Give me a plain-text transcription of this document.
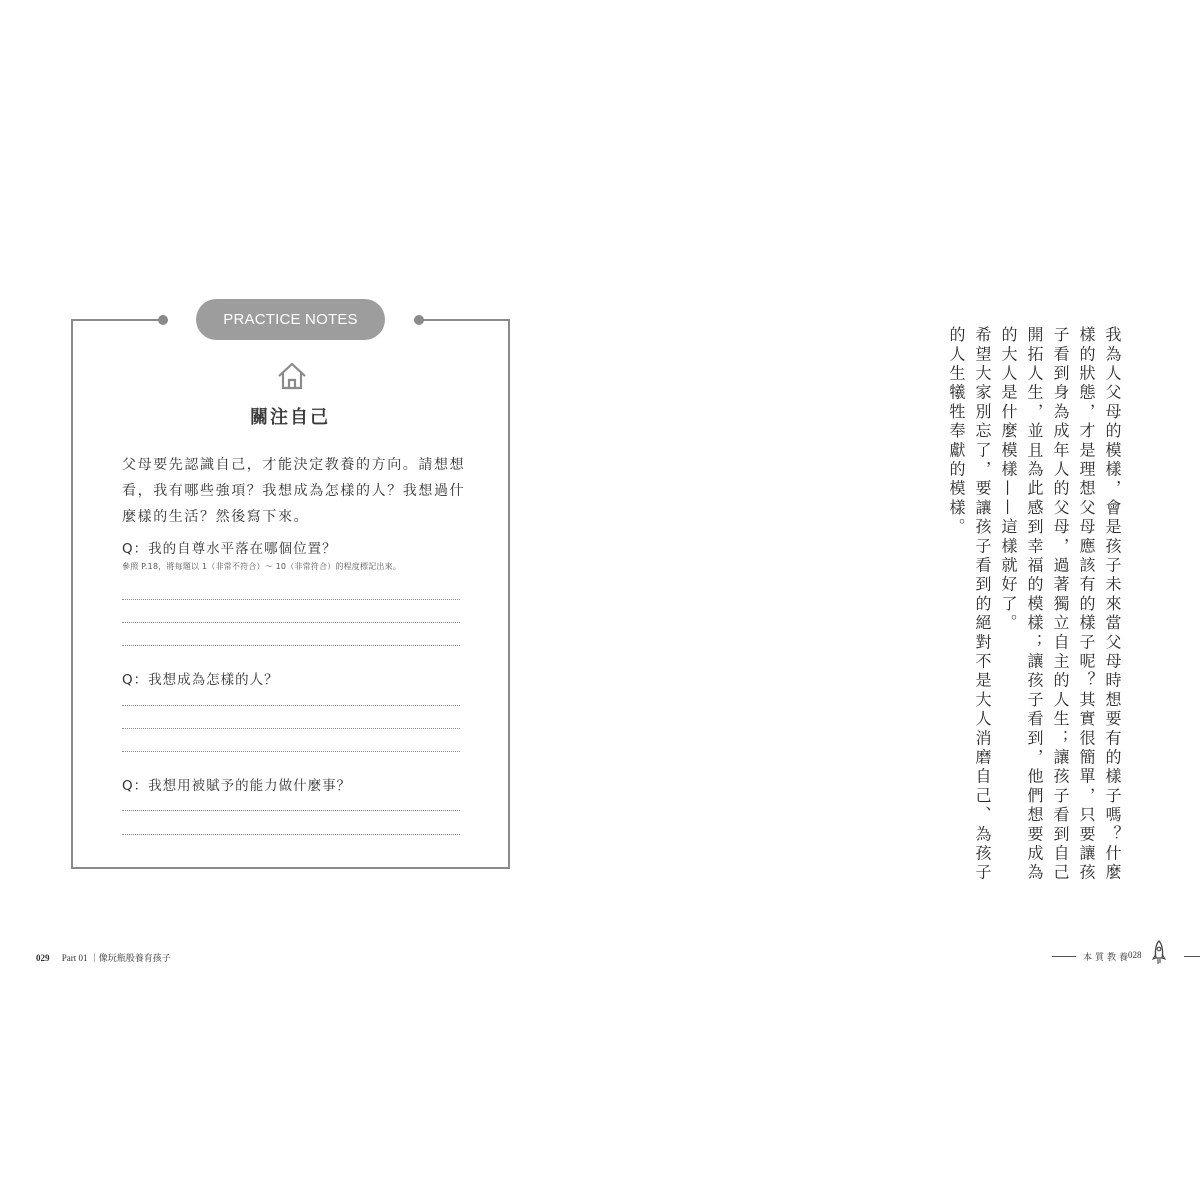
PRACTICE NOTES
關注自己
父母要先認識自己，才能決定教養的方向。請想想看，我有哪些強項？我想成為怎樣的人？我想過什麼樣的生活？然後寫下來。
Q：我的自尊水平落在哪個位置？
參照 P.18，將每題以 1（非常不符合）～ 10（非常符合）的程度標記出來。
Q：我想成為怎樣的人？
Q：我想用被賦予的能力做什麼事？
029 Part 01 ｜像玩瓶般養育孩子

我為人父母的模樣，會是孩子未來當父母時想要有的樣子嗎？什麼樣的狀態，才是理想父母應該有的樣子呢？其實很簡單，只要讓孩子看到身為成年人的父母，過著獨立自主的人生；讓孩子看到自己開拓人生，並且為此感到幸福的模樣；讓孩子看到，他們想要成為的大人是什麼模樣——這樣就好了。

希望大家別忘了，要讓孩子看到的絕對不是大人消磨自己、為孩子的人生犧牲奉獻的模樣。

本質教養
028
